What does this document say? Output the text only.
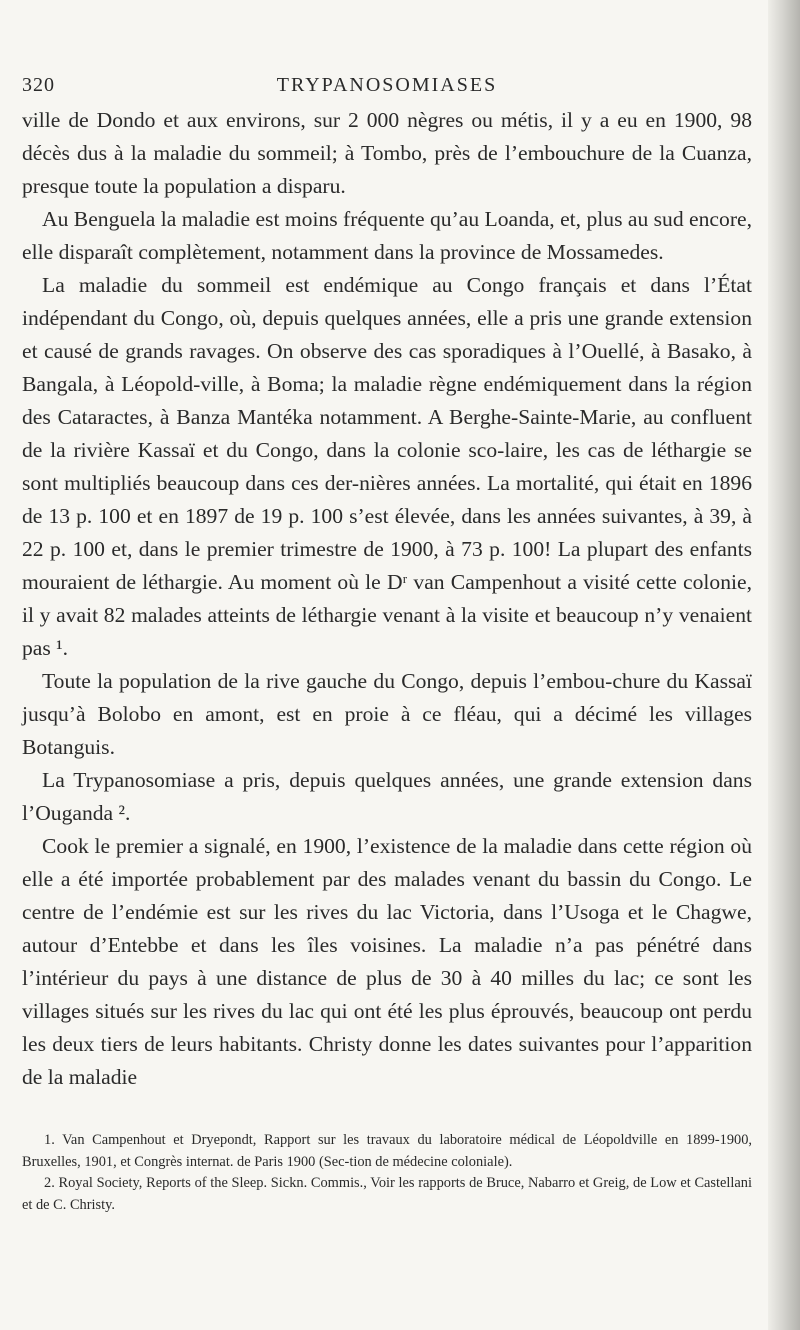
320	TRYPANOSOMIASES

ville de Dondo et aux environs, sur 2 000 nègres ou métis, il y a eu en 1900, 98 décès dus à la maladie du sommeil; à Tombo, près de l’embouchure de la Cuanza, presque toute la population a disparu.

Au Benguela la maladie est moins fréquente qu’au Loanda, et, plus au sud encore, elle disparaît complètement, notamment dans la province de Mossamedes.

La maladie du sommeil est endémique au Congo français et dans l’État indépendant du Congo, où, depuis quelques années, elle a pris une grande extension et causé de grands ravages. On observe des cas sporadiques à l’Ouellé, à Basako, à Bangala, à Léopold-ville, à Boma; la maladie règne endémiquement dans la région des Cataractes, à Banza Mantéka notamment. A Berghe-Sainte-Marie, au confluent de la rivière Kassaï et du Congo, dans la colonie sco-laire, les cas de léthargie se sont multipliés beaucoup dans ces der-nières années. La mortalité, qui était en 1896 de 13 p. 100 et en 1897 de 19 p. 100 s’est élevée, dans les années suivantes, à 39, à 22 p. 100 et, dans le premier trimestre de 1900, à 73 p. 100! La plupart des enfants mouraient de léthargie. Au moment où le Dʳ van Campenhout a visité cette colonie, il y avait 82 malades atteints de léthargie venant à la visite et beaucoup n’y venaient pas ¹.

Toute la population de la rive gauche du Congo, depuis l’embou-chure du Kassaï jusqu’à Bolobo en amont, est en proie à ce fléau, qui a décimé les villages Botanguis.

La Trypanosomiase a pris, depuis quelques années, une grande extension dans l’Ouganda ².

Cook le premier a signalé, en 1900, l’existence de la maladie dans cette région où elle a été importée probablement par des malades venant du bassin du Congo. Le centre de l’endémie est sur les rives du lac Victoria, dans l’Usoga et le Chagwe, autour d’Entebbe et dans les îles voisines. La maladie n’a pas pénétré dans l’intérieur du pays à une distance de plus de 30 à 40 milles du lac; ce sont les villages situés sur les rives du lac qui ont été les plus éprouvés, beaucoup ont perdu les deux tiers de leurs habitants. Christy donne les dates suivantes pour l’apparition de la maladie

1. Van Campenhout et Dryepondt, Rapport sur les travaux du laboratoire médical de Léopoldville en 1899-1900, Bruxelles, 1901, et Congrès internat. de Paris 1900 (Sec-tion de médecine coloniale).

2. Royal Society, Reports of the Sleep. Sickn. Commis., Voir les rapports de Bruce, Nabarro et Greig, de Low et Castellani et de C. Christy.
